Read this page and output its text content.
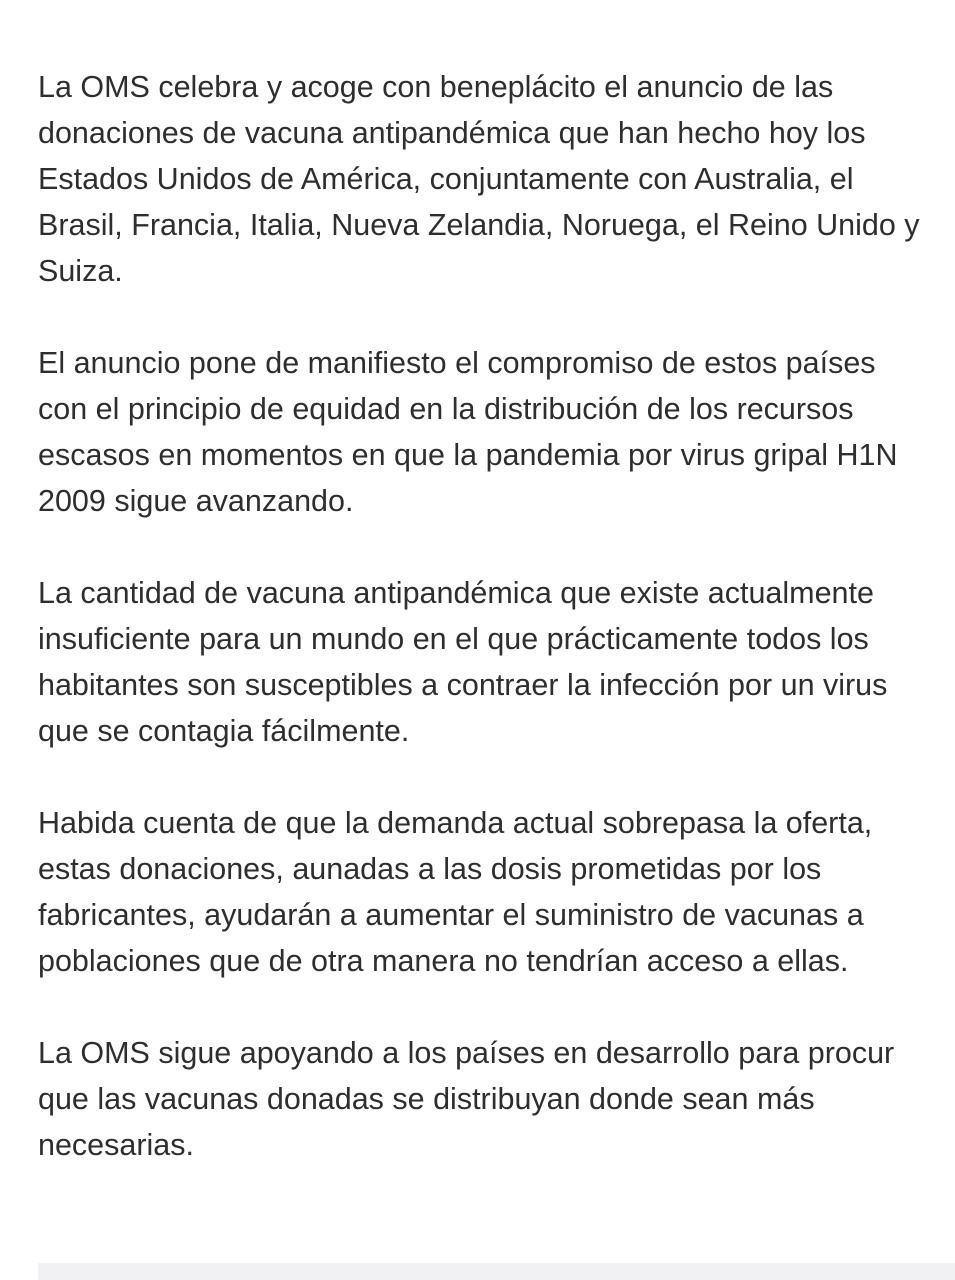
La OMS celebra y acoge con beneplácito el anuncio de las
donaciones de vacuna antipandémica que han hecho hoy los
Estados Unidos de América, conjuntamente con Australia, el
Brasil, Francia, Italia, Nueva Zelandia, Noruega, el Reino Unido y
Suiza.

El anuncio pone de manifiesto el compromiso de estos países
con el principio de equidad en la distribución de los recursos
escasos en momentos en que la pandemia por virus gripal H1N
2009 sigue avanzando.

La cantidad de vacuna antipandémica que existe actualmente
insuficiente para un mundo en el que prácticamente todos los
habitantes son susceptibles a contraer la infección por un virus
que se contagia fácilmente.

Habida cuenta de que la demanda actual sobrepasa la oferta,
estas donaciones, aunadas a las dosis prometidas por los
fabricantes, ayudarán a aumentar el suministro de vacunas a
poblaciones que de otra manera no tendrían acceso a ellas.

La OMS sigue apoyando a los países en desarrollo para procur
que las vacunas donadas se distribuyan donde sean más
necesarias.
